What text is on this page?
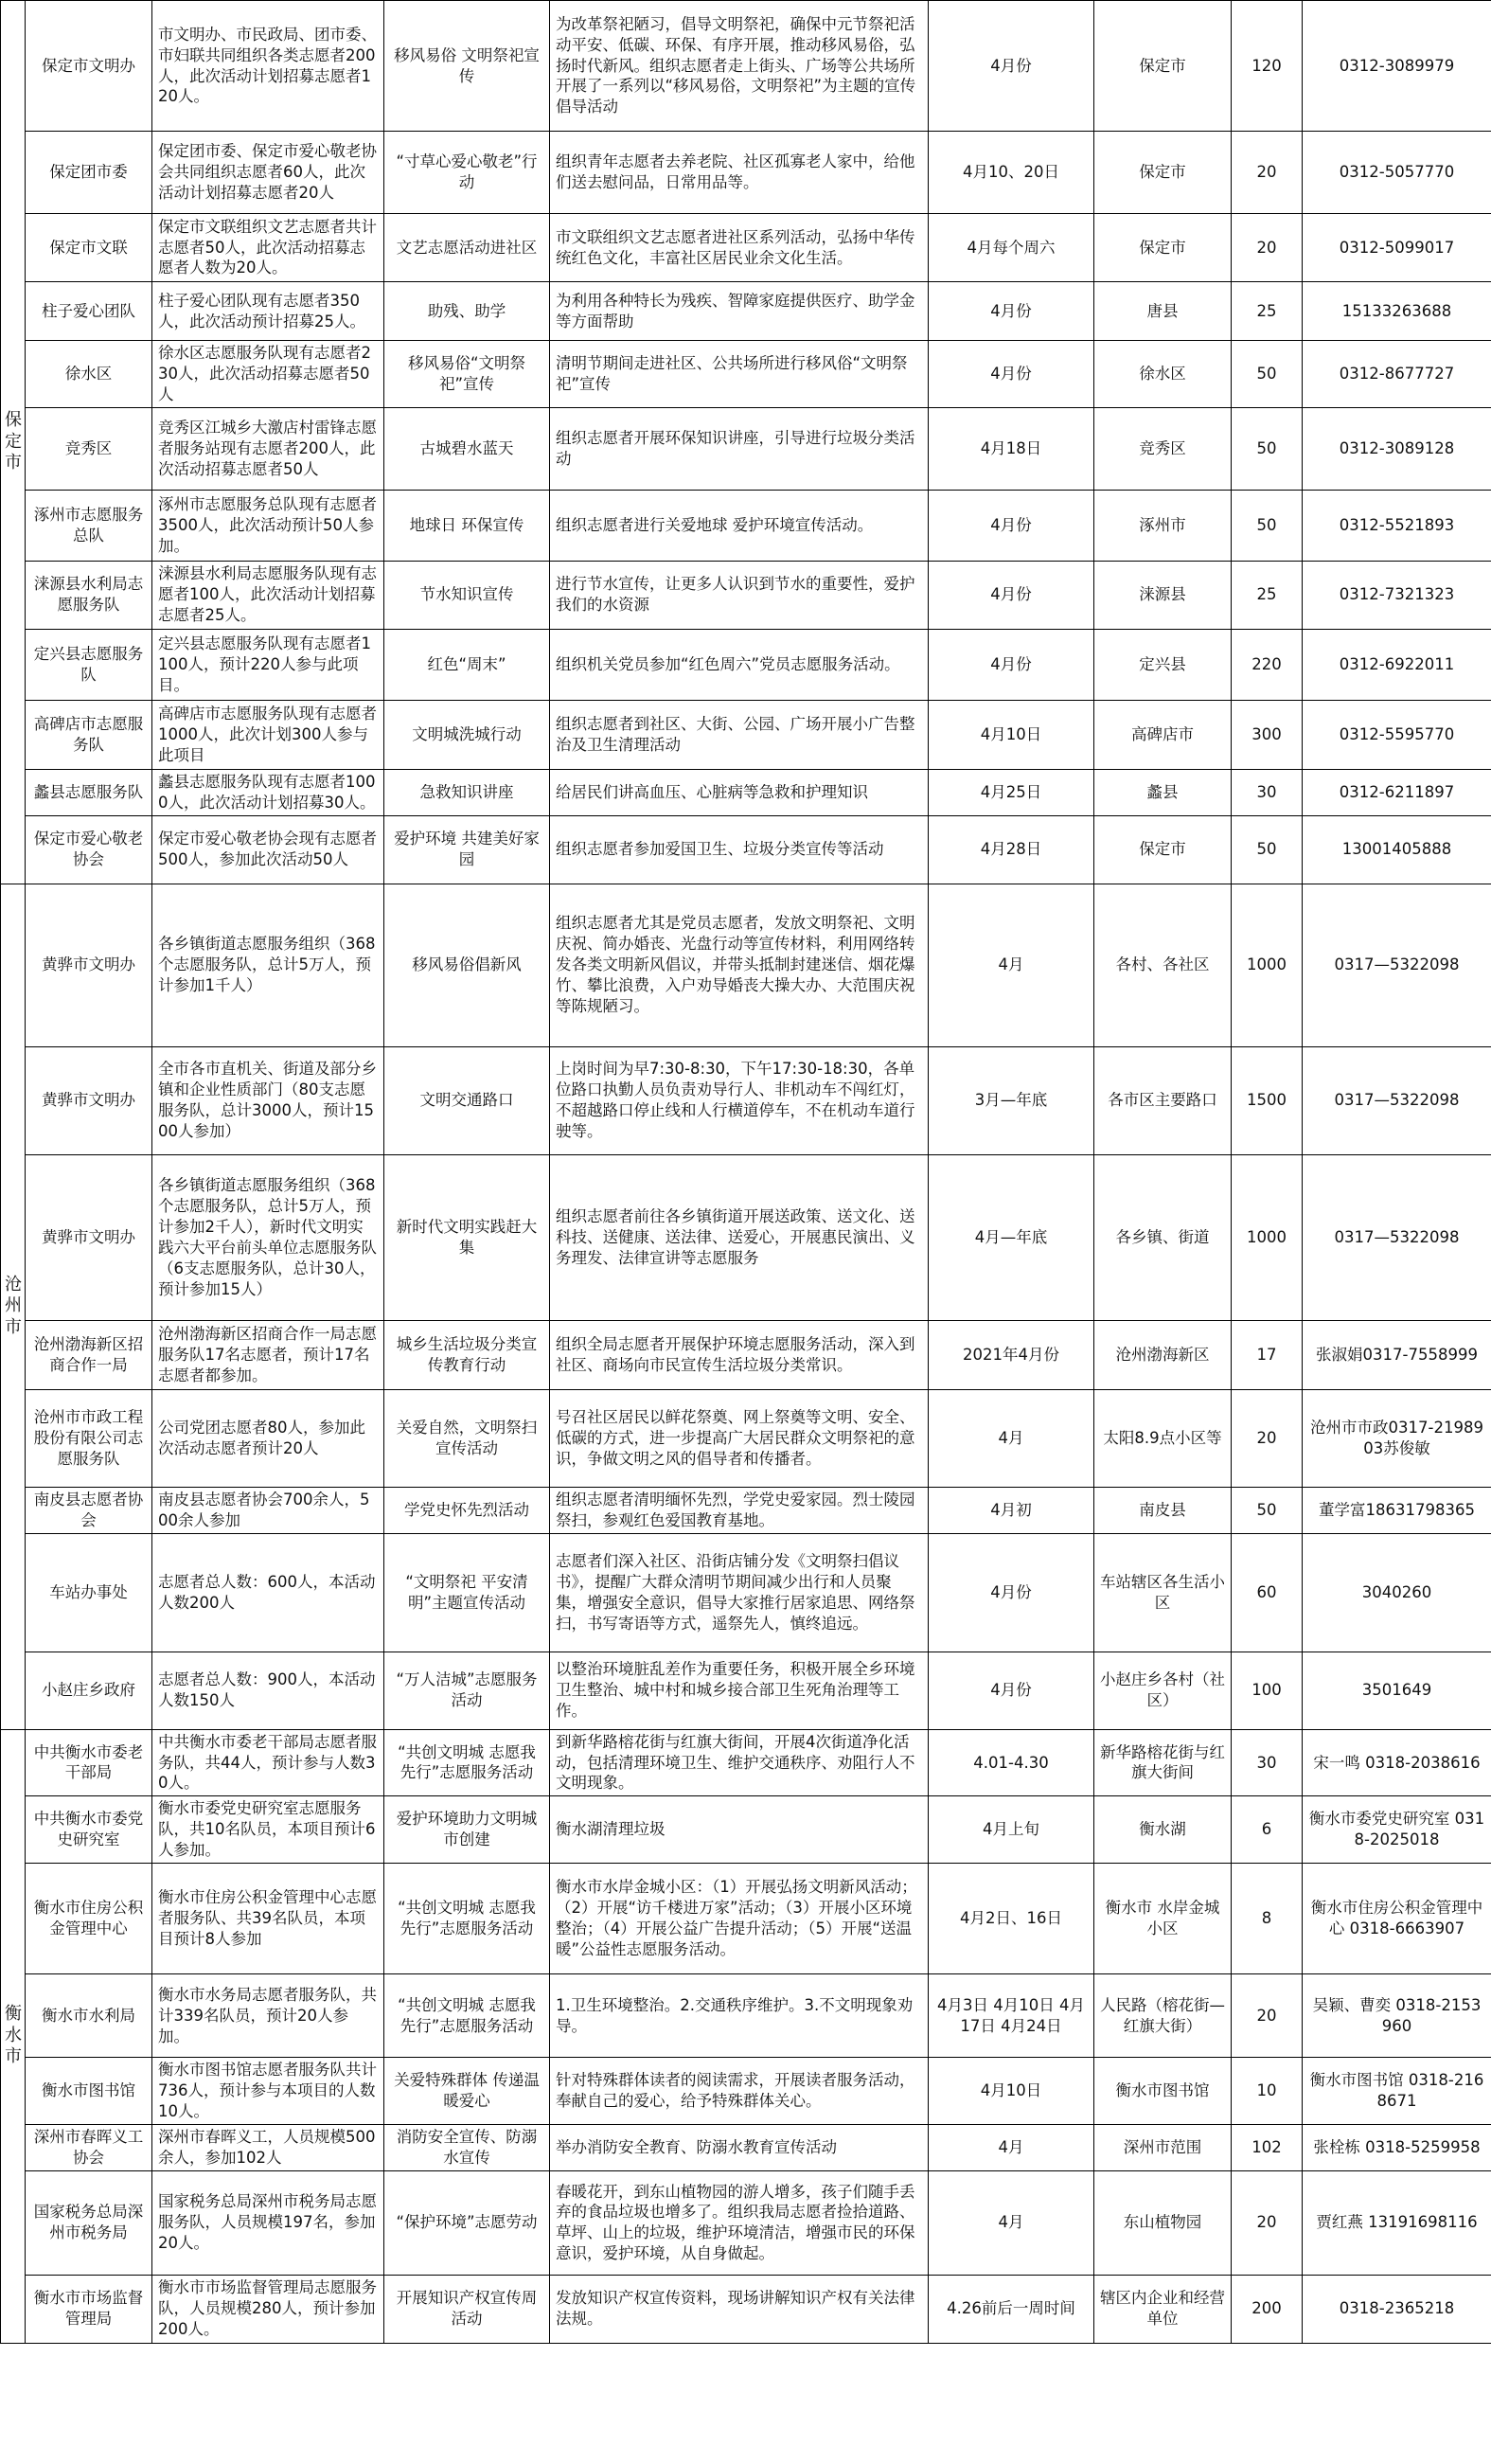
保定市	保定市文明办	市文明办、市民政局、团市委、市妇联共同组织各类志愿者200人，此次活动计划招募志愿者120人。	移风易俗 文明祭祀宣传	为改革祭祀陋习，倡导文明祭祀，确保中元节祭祀活动平安、低碳、环保、有序开展，推动移风易俗，弘扬时代新风。组织志愿者走上街头、广场等公共场所开展了一系列以“移风易俗，文明祭祀”为主题的宣传倡导活动	4月份	保定市	120	0312-3089979
	保定团市委	保定团市委、保定市爱心敬老协会共同组织志愿者60人，此次活动计划招募志愿者20人	“寸草心爱心敬老”行动	组织青年志愿者去养老院、社区孤寡老人家中，给他们送去慰问品，日常用品等。	4月10、20日	保定市	20	0312-5057770
	保定市文联	保定市文联组织文艺志愿者共计志愿者50人，此次活动招募志愿者人数为20人。	文艺志愿活动进社区	市文联组织文艺志愿者进社区系列活动，弘扬中华传统红色文化，丰富社区居民业余文化生活。	4月每个周六	保定市	20	0312-5099017
	柱子爱心团队	柱子爱心团队现有志愿者350人，此次活动预计招募25人。	助残、助学	为利用各种特长为残疾、智障家庭提供医疗、助学金等方面帮助	4月份	唐县	25	15133263688
	徐水区	徐水区志愿服务队现有志愿者230人，此次活动招募志愿者50人	移风易俗“文明祭祀”宣传	清明节期间走进社区、公共场所进行移风俗“文明祭祀”宣传	4月份	徐水区	50	0312-8677727
	竞秀区	竞秀区江城乡大激店村雷锋志愿者服务站现有志愿者200人，此次活动招募志愿者50人	古城碧水蓝天	组织志愿者开展环保知识讲座，引导进行垃圾分类活动	4月18日	竞秀区	50	0312-3089128
	涿州市志愿服务总队	涿州市志愿服务总队现有志愿者3500人，此次活动预计50人参加。	地球日 环保宣传	组织志愿者进行关爱地球 爱护环境宣传活动。	4月份	涿州市	50	0312-5521893
	涞源县水利局志愿服务队	涞源县水利局志愿服务队现有志愿者100人，此次活动计划招募志愿者25人。	节水知识宣传	进行节水宣传，让更多人认识到节水的重要性，爱护我们的水资源	4月份	涞源县	25	0312-7321323
	定兴县志愿服务队	定兴县志愿服务队现有志愿者1100人，预计220人参与此项目。	红色“周末”	组织机关党员参加“红色周六”党员志愿服务活动。	4月份	定兴县	220	0312-6922011
	高碑店市志愿服务队	高碑店市志愿服务队现有志愿者1000人，此次计划300人参与此项目	文明城洗城行动	组织志愿者到社区、大街、公园、广场开展小广告整治及卫生清理活动	4月10日	高碑店市	300	0312-5595770
	蠡县志愿服务队	蠡县志愿服务队现有志愿者1000人，此次活动计划招募30人。	急救知识讲座	给居民们讲高血压、心脏病等急救和护理知识	4月25日	蠡县	30	0312-6211897
	保定市爱心敬老协会	保定市爱心敬老协会现有志愿者500人，参加此次活动50人	爱护环境 共建美好家园	组织志愿者参加爱国卫生、垃圾分类宣传等活动	4月28日	保定市	50	13001405888
沧州市	黄骅市文明办	各乡镇街道志愿服务组织（368个志愿服务队，总计5万人，预计参加1千人）	移风易俗倡新风	组织志愿者尤其是党员志愿者，发放文明祭祀、文明庆祝、简办婚丧、光盘行动等宣传材料，利用网络转发各类文明新风倡议，并带头抵制封建迷信、烟花爆竹、攀比浪费，入户劝导婚丧大操大办、大范围庆祝等陈规陋习。	4月	各村、各社区	1000	0317—5322098
	黄骅市文明办	全市各市直机关、街道及部分乡镇和企业性质部门（80支志愿服务队，总计3000人，预计1500人参加）	文明交通路口	上岗时间为早7:30-8:30，下午17:30-18:30，各单位路口执勤人员负责劝导行人、非机动车不闯红灯，不超越路口停止线和人行横道停车，不在机动车道行驶等。	3月—年底	各市区主要路口	1500	0317—5322098
	黄骅市文明办	各乡镇街道志愿服务组织（368个志愿服务队，总计5万人，预计参加2千人），新时代文明实践六大平台前头单位志愿服务队（6支志愿服务队，总计30人，预计参加15人）	新时代文明实践赶大集	组织志愿者前往各乡镇街道开展送政策、送文化、送科技、送健康、送法律、送爱心，开展惠民演出、义务理发、法律宣讲等志愿服务	4月—年底	各乡镇、街道	1000	0317—5322098
	沧州渤海新区招商合作一局	沧州渤海新区招商合作一局志愿服务队17名志愿者，预计17名志愿者都参加。	城乡生活垃圾分类宣传教育行动	组织全局志愿者开展保护环境志愿服务活动，深入到社区、商场向市民宣传生活垃圾分类常识。	2021年4月份	沧州渤海新区	17	张淑娟0317-7558999
	沧州市市政工程股份有限公司志愿服务队	公司党团志愿者80人，参加此次活动志愿者预计20人	关爱自然，文明祭扫宣传活动	号召社区居民以鲜花祭奠、网上祭奠等文明、安全、低碳的方式，进一步提高广大居民群众文明祭祀的意识，争做文明之风的倡导者和传播者。	4月	太阳8.9点小区等	20	沧州市市政0317-2198903苏俊敏
	南皮县志愿者协会	南皮县志愿者协会700余人，500余人参加	学党史怀先烈活动	组织志愿者清明缅怀先烈，学党史爱家园。烈士陵园祭扫，参观红色爱国教育基地。	4月初	南皮县	50	董学富18631798365
	车站办事处	志愿者总人数：600人，本活动人数200人	“文明祭祀 平安清明”主题宣传活动	志愿者们深入社区、沿街店铺分发《文明祭扫倡议书》，提醒广大群众清明节期间减少出行和人员聚集，增强安全意识，倡导大家推行居家追思、网络祭扫，书写寄语等方式，遥祭先人，慎终追远。	4月份	车站辖区各生活小区	60	3040260
	小赵庄乡政府	志愿者总人数：900人，本活动人数150人	“万人洁城”志愿服务活动	以整治环境脏乱差作为重要任务，积极开展全乡环境卫生整治、城中村和城乡接合部卫生死角治理等工作。	4月份	小赵庄乡各村（社区）	100	3501649
衡水市	中共衡水市委老干部局	中共衡水市委老干部局志愿者服务队，共44人，预计参与人数30人。	“共创文明城 志愿我先行”志愿服务活动	到新华路榕花街与红旗大街间，开展4次街道净化活动，包括清理环境卫生、维护交通秩序、劝阻行人不文明现象。	4.01-4.30	新华路榕花街与红旗大街间	30	宋一鸣 0318-2038616
	中共衡水市委党史研究室	衡水市委党史研究室志愿服务队，共10名队员，本项目预计6人参加。	爱护环境助力文明城市创建	衡水湖清理垃圾	4月上旬	衡水湖	6	衡水市委党史研究室 0318-2025018
	衡水市住房公积金管理中心	衡水市住房公积金管理中心志愿者服务队、共39名队员，本项目预计8人参加	“共创文明城 志愿我先行”志愿服务活动	衡水市水岸金城小区：（1）开展弘扬文明新风活动；（2）开展“访千楼进万家”活动；（3）开展小区环境整治；（4）开展公益广告提升活动；（5）开展“送温暖”公益性志愿服务活动。	4月2日、16日	衡水市 水岸金城小区	8	衡水市住房公积金管理中心 0318-6663907
	衡水市水利局	衡水市水务局志愿者服务队，共计339名队员，预计20人参加。	“共创文明城 志愿我先行”志愿服务活动	1.卫生环境整治。2.交通秩序维护。3.不文明现象劝导。	4月3日 4月10日 4月17日 4月24日	人民路（榕花街—红旗大街）	20	吴颖、曹奕 0318-2153960
	衡水市图书馆	衡水市图书馆志愿者服务队共计736人，预计参与本项目的人数10人。	关爱特殊群体 传递温暖爱心	针对特殊群体读者的阅读需求，开展读者服务活动，奉献自己的爱心，给予特殊群体关心。	4月10日	衡水市图书馆	10	衡水市图书馆 0318-2168671
	深州市春晖义工协会	深州市春晖义工，人员规模500余人，参加102人	消防安全宣传、防溺水宣传	举办消防安全教育、防溺水教育宣传活动	4月	深州市范围	102	张栓栋 0318-5259958
	国家税务总局深州市税务局	国家税务总局深州市税务局志愿服务队，人员规模197名，参加20人。	“保护环境”志愿劳动	春暖花开，到东山植物园的游人增多，孩子们随手丢弃的食品垃圾也增多了。组织我局志愿者捡拾道路、草坪、山上的垃圾，维护环境清洁，增强市民的环保意识，爱护环境，从自身做起。	4月	东山植物园	20	贾红燕 13191698116
	衡水市市场监督管理局	衡水市市场监督管理局志愿服务队，人员规模280人，预计参加200人。	开展知识产权宣传周活动	发放知识产权宣传资料，现场讲解知识产权有关法律法规。	4.26前后一周时间	辖区内企业和经营单位	200	0318-2365218
